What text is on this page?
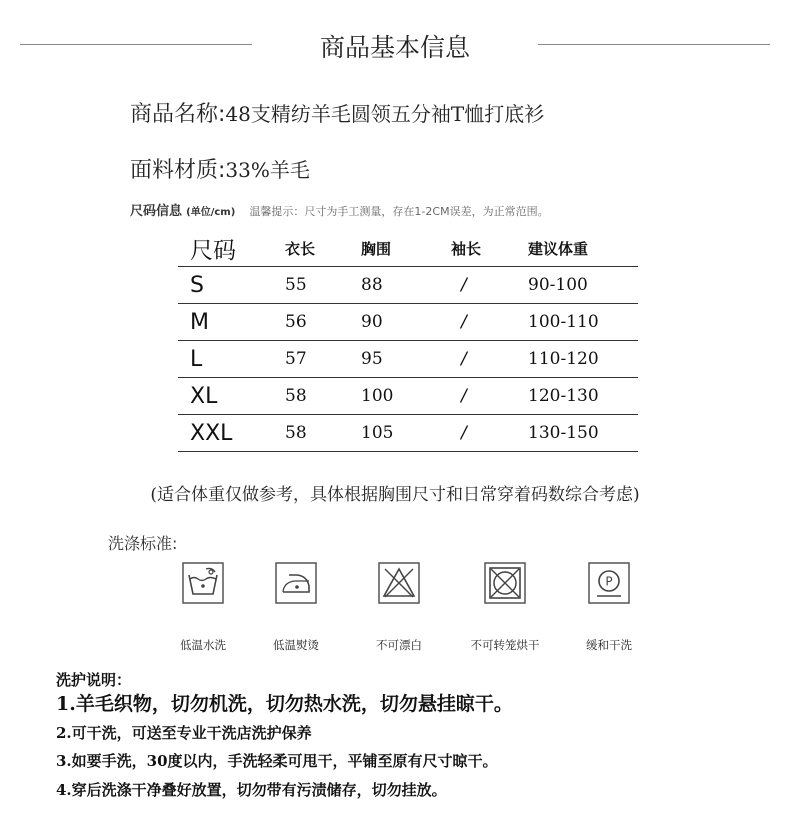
商品基本信息
商品名称:48支精纺羊毛圆领五分袖T恤打底衫
面料材质:33%羊毛
尺码信息 (单位/cm) 温馨提示：尺寸为手工测量，存在1-2CM误差，为正常范围。
尺码	衣长	胸围	袖长	建议体重
S	55	88	/	90-100
M	56	90	/	100-110
L	57	95	/	110-120
XL	58	100	/	120-130
XXL	58	105	/	130-150
(适合体重仅做参考，具体根据胸围尺寸和日常穿着码数综合考虑)
洗涤标准:
P
低温水洗	低温熨烫	不可漂白	不可转笼烘干	缓和干洗
洗护说明：
1.羊毛织物，切勿机洗，切勿热水洗，切勿悬挂晾干。
2.可干洗，可送至专业干洗店洗护保养
3.如要手洗，30度以内，手洗轻柔可甩干，平铺至原有尺寸晾干。
4.穿后洗涤干净叠好放置，切勿带有污渍储存，切勿挂放。
